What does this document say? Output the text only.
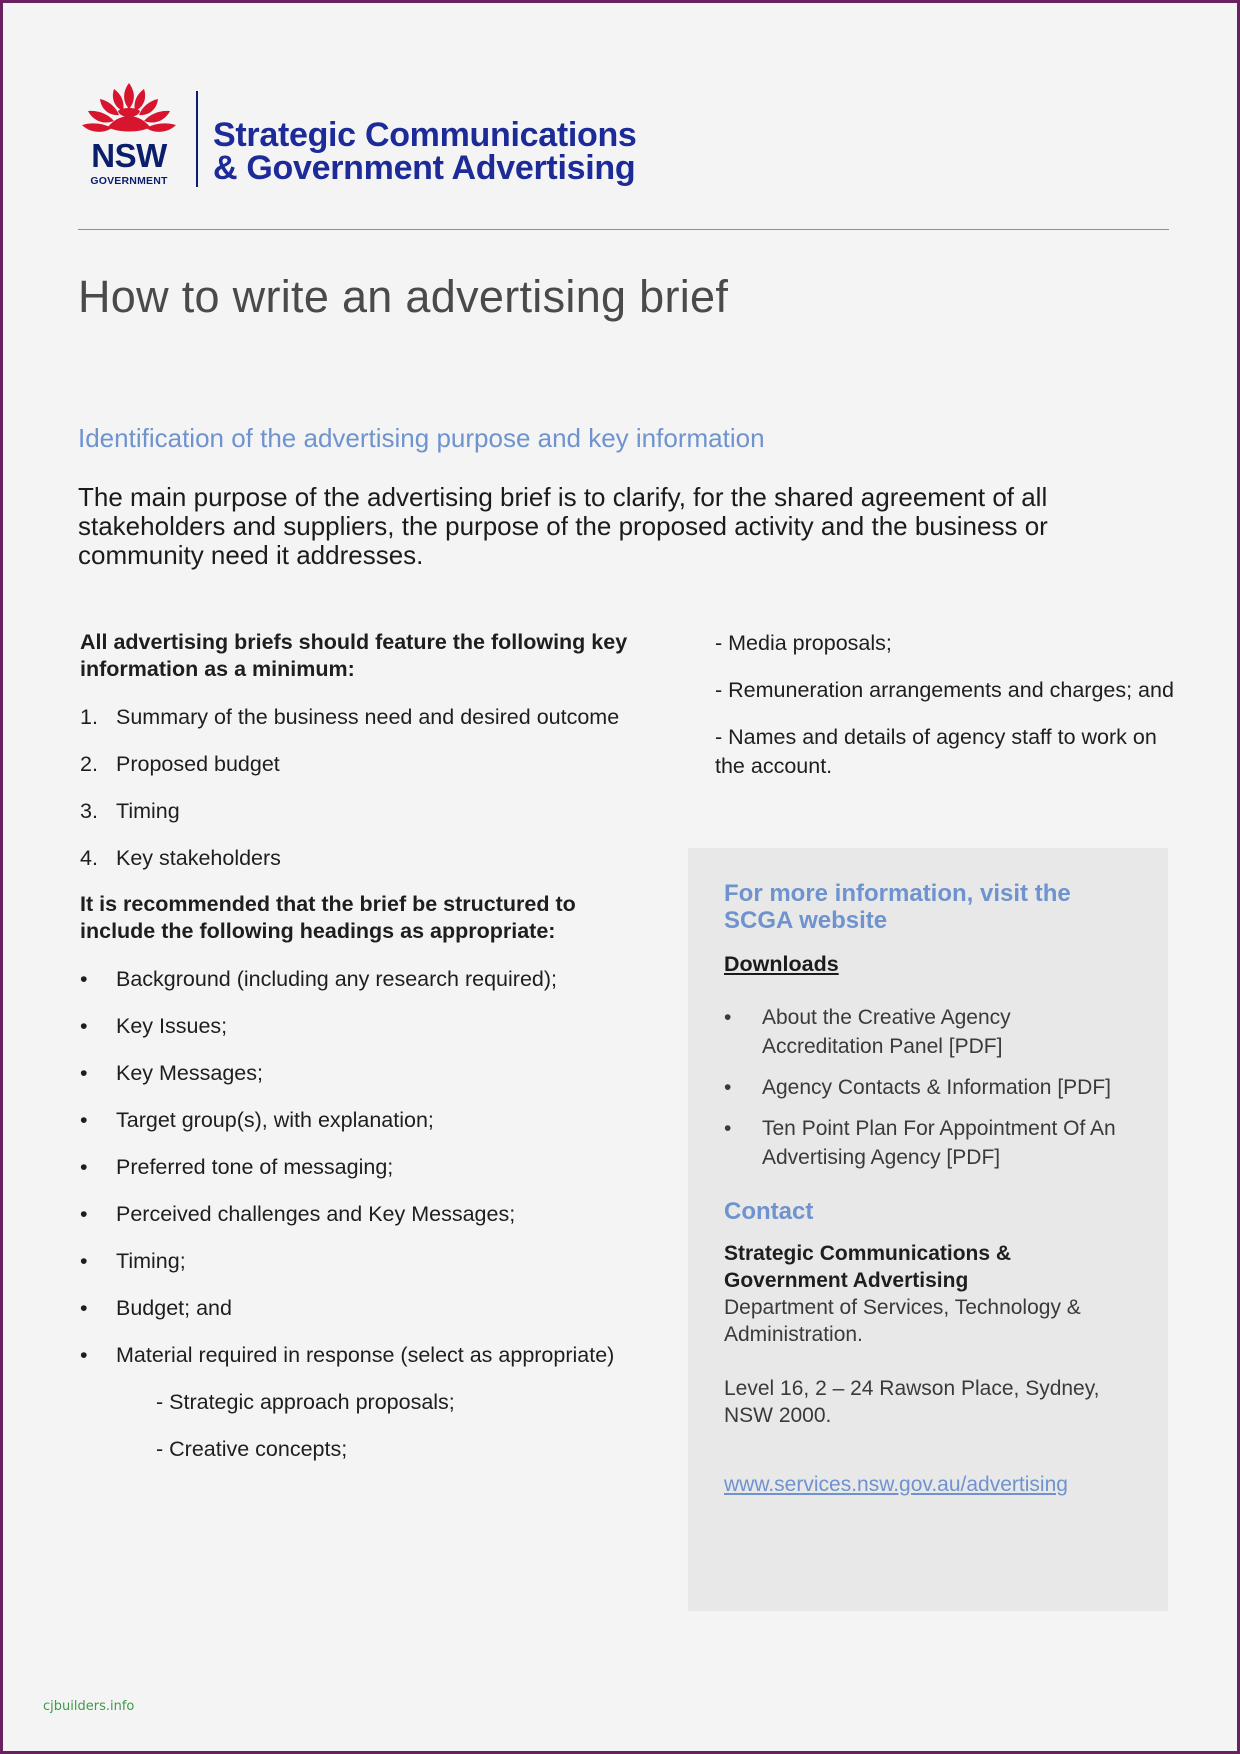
NSW
GOVERNMENT
Strategic Communications
& Government Advertising
How to write an advertising brief
Identification of the advertising purpose and key information

The main purpose of the advertising brief is to clarify, for the shared agreement of all stakeholders and suppliers, the purpose of the proposed activity and the business or community need it addresses.

All advertising briefs should feature the following key information as a minimum:

1. Summary of the business need and desired outcome
2. Proposed budget
3. Timing
4. Key stakeholders

It is recommended that the brief be structured to include the following headings as appropriate:

• Background (including any research required);
• Key Issues;
• Key Messages;
• Target group(s), with explanation;
• Preferred tone of messaging;
• Perceived challenges and Key Messages;
• Timing;
• Budget; and
• Material required in response (select as appropriate)
- Strategic approach proposals;
- Creative concepts;

- Media proposals;

- Remuneration arrangements and charges; and

- Names and details of agency staff to work on the account.

For more information, visit the SCGA website
Downloads
• About the Creative Agency Accreditation Panel [PDF]
• Agency Contacts & Information [PDF]
• Ten Point Plan For Appointment Of An Advertising Agency [PDF]
Contact
Strategic Communications & Government Advertising
Department of Services, Technology & Administration.
Level 16, 2 – 24 Rawson Place, Sydney, NSW 2000.
www.services.nsw.gov.au/advertising
cjbuilders.info
